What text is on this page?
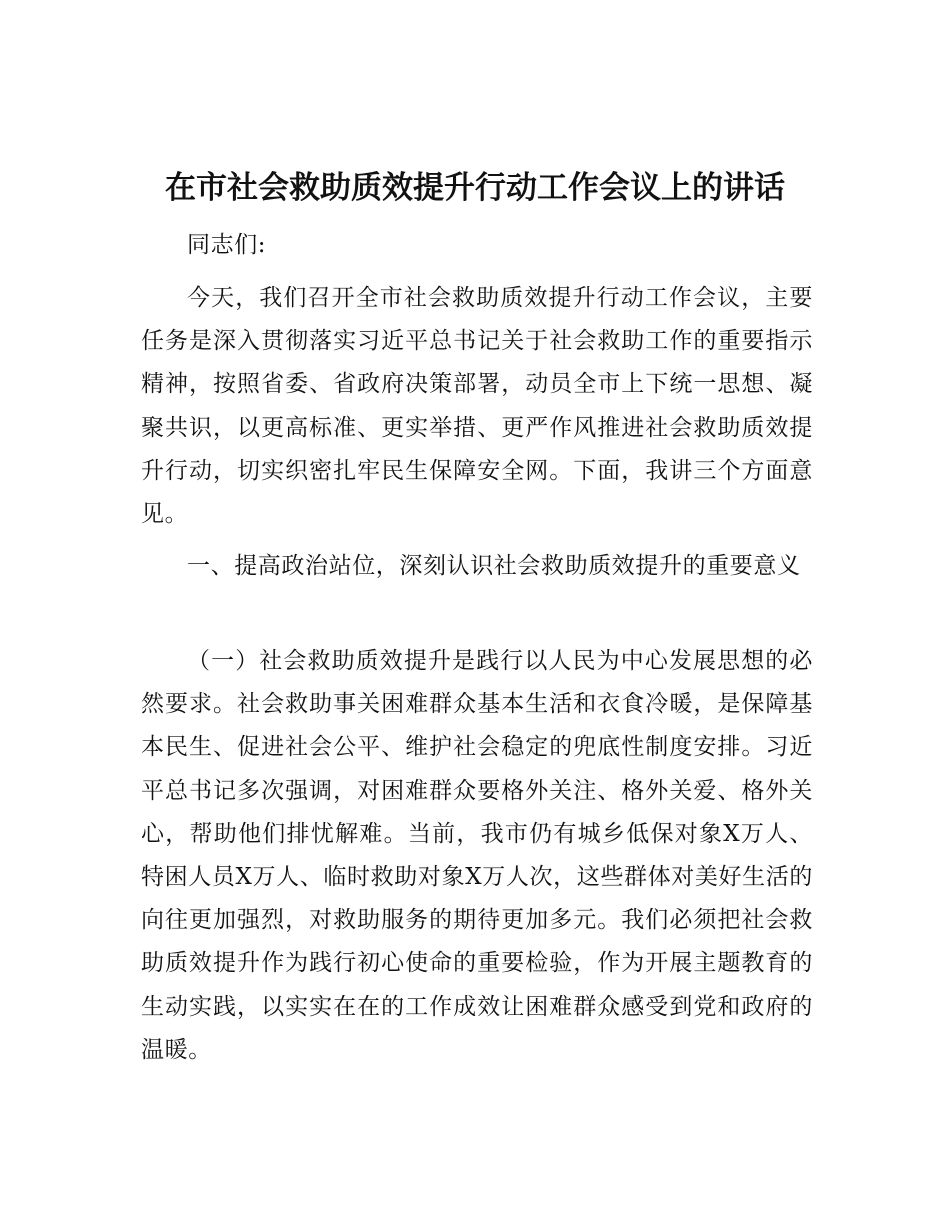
在市社会救助质效提升行动工作会议上的讲话

同志们:

今天，我们召开全市社会救助质效提升行动工作会议，主要任务是深入贯彻落实习近平总书记关于社会救助工作的重要指示精神，按照省委、省政府决策部署，动员全市上下统一思想、凝聚共识，以更高标准、更实举措、更严作风推进社会救助质效提升行动，切实织密扎牢民生保障安全网。下面，我讲三个方面意见。

一、提高政治站位，深刻认识社会救助质效提升的重要意义

（一）社会救助质效提升是践行以人民为中心发展思想的必然要求。社会救助事关困难群众基本生活和衣食冷暖，是保障基本民生、促进社会公平、维护社会稳定的兜底性制度安排。习近平总书记多次强调，对困难群众要格外关注、格外关爱、格外关心，帮助他们排忧解难。当前，我市仍有城乡低保对象X万人、特困人员X万人、临时救助对象X万人次，这些群体对美好生活的向往更加强烈，对救助服务的期待更加多元。我们必须把社会救助质效提升作为践行初心使命的重要检验，作为开展主题教育的生动实践，以实实在在的工作成效让困难群众感受到党和政府的温暖。
